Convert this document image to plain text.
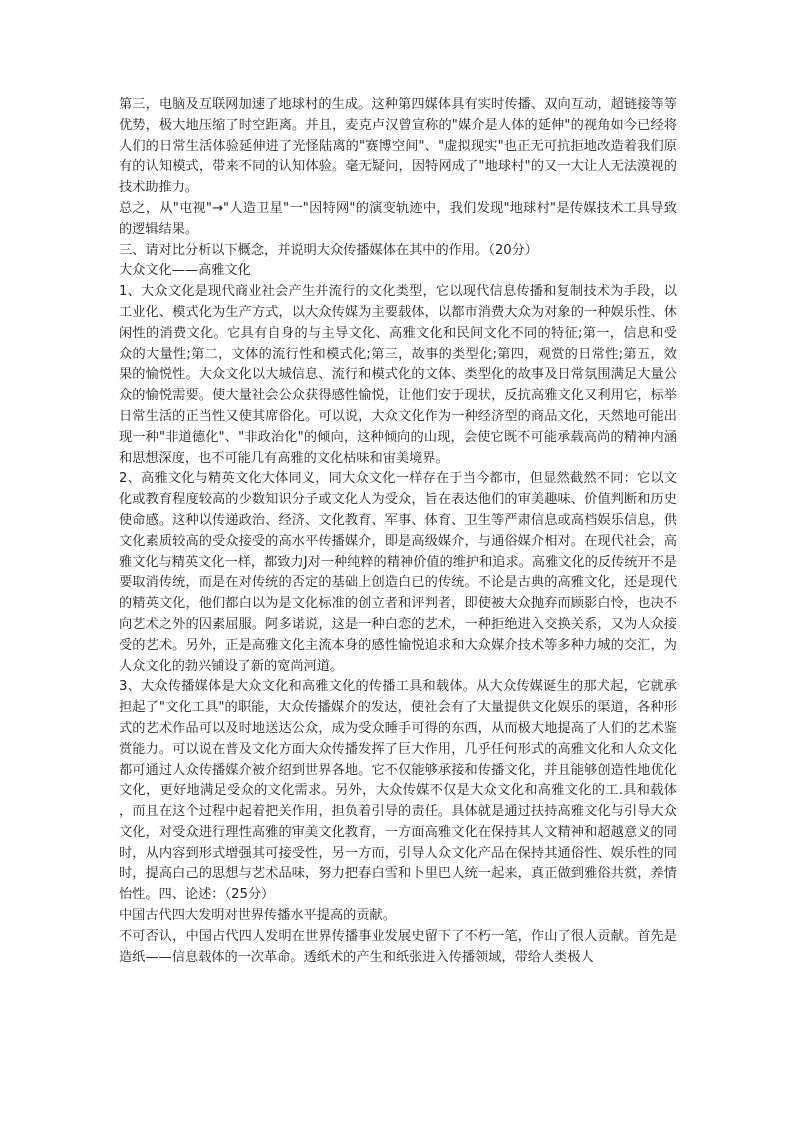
第三，电脑及互联网加速了地球村的生成。这种第四媒体具有实时传播、双向互动，超链接等等优势，极大地压缩了时空距离。并且，麦克卢汉曾宣称的"媒介是人体的延伸"的视角如今已经将人们的日常生活体验延伸进了光怪陆离的"赛博空间"、"虚拟现实"也正无可抗拒地改造着我们原有的认知模式，带来不同的认知体验。毫无疑问，因特网成了"地球村"的又一大让人无法漠视的技术助推力。

总之，从"屯视"→"人造卫星"一"因特网"的演变轨迹中，我们发现"地球村"是传媒技术工具导致的逻辑结果。

三、请对比分析以下概念，并说明大众传播媒体在其中的作用。（20分）

大众文化——高雅文化

1、大众文化是现代商业社会产生并流行的文化类型，它以现代信息传播和复制技术为手段，以工业化、模式化为生产方式，以大众传媒为主要载体，以都市消费大众为对象的一种娱乐性、休闲性的消费文化。它具有自身的与主导文化、高雅文化和民间文化不同的特征;第一，信息和受众的大量性;第二，文体的流行性和模式化;第三，故事的类型化;第四，观赏的日常性;第五，效果的愉悦性。大众文化以大城信息、流行和模式化的文体、类型化的故事及日常氛围满足大量公众的愉悦需要。使大量社会公众获得感性愉悦，让他们安于现状，反抗高雅文化又利用它，标举日常生活的正当性又使其席俗化。可以说，大众文化作为一种经济型的商品文化，天然地可能出现一种"非道德化"、"非政治化"的倾向，这种倾向的山现，会使它既不可能承载高尚的精神内涵和思想深度，也不可能几有高雅的文化枯味和宙美境界。

2、高雅文化与精英文化大体同义，同大众文化一样存在于当今都市，但显然截然不同：它以文化或教育程度较高的少数知识分子或文化人为受众，旨在表达他们的审美趣味、价值判断和历史使命感。这种以传递政治、经济、文化教育、军事、体育、卫生等严肃信息或高档娱乐信息，供文化素质较高的受众接受的高水平传播媒介，即是高级媒介，与通俗媒介相对。在现代社会，高雅文化与精英文化一样，都致力J对一种纯粹的精神价值的维护和追求。高雅文化的反传统开不是要取消传统，而是在对传统的否定的基础上创造白已的传统。不论是古典的高雅文化，还是现代的精英文化，他们都白以为是文化标准的创立者和评判者，即使被大众抛弃而顾影白怜，也决不向艺术之外的囚素屈服。阿多诺说，这是一种白恋的艺术，一种拒绝进入交换关系，又为人众接受的艺术。另外，正是高雅文化主流本身的感性愉悦追求和大众媒介技术等多种力城的交汇，为人众文化的勃兴铺设了新的宽尚河道。

3、大众传播媒体是大众文化和高雅文化的传播工具和载体。从大众传媒诞生的那犬起，它就承担起了"文化工具"的职能，大众传播媒介的发达，使社会有了大量提供文化娱乐的渠道，各种形式的艺术作品可以及时地送达公众，成为受众睡手可得的东西，从而极大地提高了人们的艺术鉴赏能力。可以说在普及文化方面大众传播发挥了巨大作用，几乎任何形式的高雅文化和人众文化都可通过人众传播媒介被介绍到世界各地。它不仅能够承接和传播文化，并且能够创造性地优化文化，更好地满足受众的文化需求。另外，大众传媒不仅是大众文化和高雅文化的工.具和载体，而且在这个过程中起着把关作用，担负着引导的责任。具体就是通过扶持高雅文化与引导大众文化，对受众进行理性高雅的审美文化教育，一方面高雅文化在保持其人文精神和超越意义的同时，从内容到形式增强其可接受性，另一方而，引导人众文化产品在保持其通俗性、娱乐性的同时，提高白己的思想与艺术品味，努力把春白雪和卜里巴人统一起来，真正做到雅俗共赏，养情怡性。四、论述：（25分）

中国古代四大发明对世界传播水平提高的贡献。

不可否认，中国占代四人发明在世界传播事业发展史留下了不朽一笔，作山了很人贡献。首先是造纸——信息载体的一次革命。透纸术的产生和纸张进入传播领域，带给人类极人
